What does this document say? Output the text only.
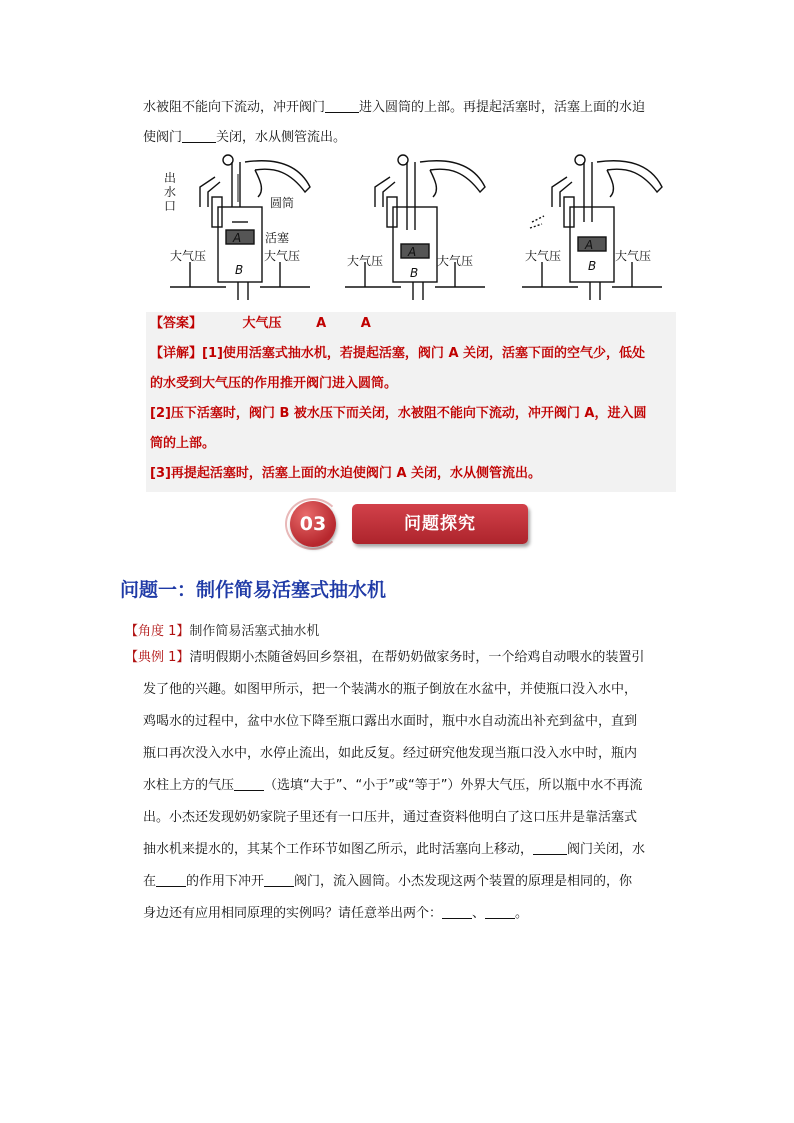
水被阻不能向下流动，冲开阀门	进入圆筒的上部。再提起活塞时，活塞上面的水迫
使阀门	关闭，水从侧管流出。
出
水
口	圆筒
活塞
大气压	大气压	大气压	大气压	大气压	大气压
A
B
A
B
A
B
【答案】	大气压	A	A
【详解】[1]使用活塞式抽水机，若提起活塞，阀门 A 关闭，活塞下面的空气少，低处
的水受到大气压的作用推开阀门进入圆筒。
[2]压下活塞时，阀门 B 被水压下而关闭，水被阻不能向下流动，冲开阀门 A，进入圆
筒的上部。
[3]再提起活塞时，活塞上面的水迫使阀门 A 关闭，水从侧管流出。
03	问题探究
问题一：制作简易活塞式抽水机
【角度 1】制作简易活塞式抽水机
【典例 1】清明假期小杰随爸妈回乡祭祖，在帮奶奶做家务时，一个给鸡自动喂水的装置引
发了他的兴趣。如图甲所示，把一个装满水的瓶子倒放在水盆中，并使瓶口没入水中，
鸡喝水的过程中，盆中水位下降至瓶口露出水面时，瓶中水自动流出补充到盆中，直到
瓶口再次没入水中，水停止流出，如此反复。经过研究他发现当瓶口没入水中时，瓶内
水柱上方的气压 （选填“大于”、“小于”或“等于”）外界大气压，所以瓶中水不再流
出。小杰还发现奶奶家院子里还有一口压井，通过查资料他明白了这口压井是靠活塞式
抽水机来提水的，其某个工作环节如图乙所示，此时活塞向上移动，	阀门关闭，水
在 的作用下冲开 阀门，流入圆筒。小杰发现这两个装置的原理是相同的，你
身边还有应用相同原理的实例吗？请任意举出两个： 、 。
